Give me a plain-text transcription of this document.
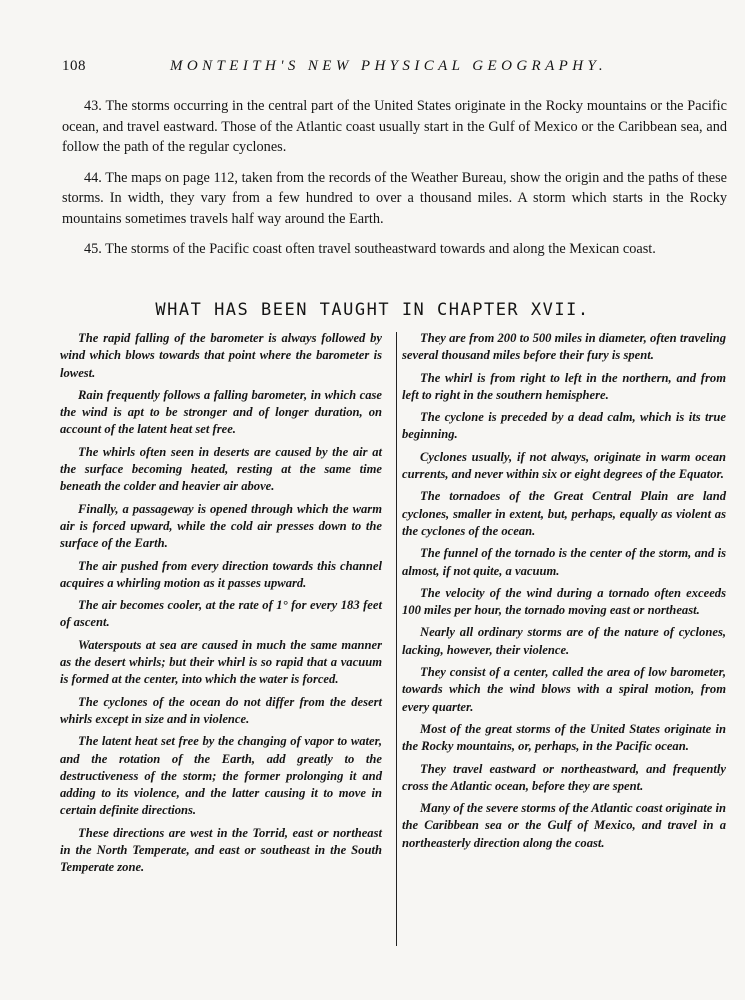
108	MONTEITH'S NEW PHYSICAL GEOGRAPHY.

43. The storms occurring in the central part of the United States originate in the Rocky mountains or the Pacific ocean, and travel eastward. Those of the Atlantic coast usually start in the Gulf of Mexico or the Caribbean sea, and follow the path of the regular cyclones.

44. The maps on page 112, taken from the records of the Weather Bureau, show the origin and the paths of these storms. In width, they vary from a few hundred to over a thousand miles. A storm which starts in the Rocky mountains sometimes travels half way around the Earth.

45. The storms of the Pacific coast often travel southeastward towards and along the Mexican coast.

WHAT HAS BEEN TAUGHT IN CHAPTER XVII.

The rapid falling of the barometer is always followed by wind which blows towards that point where the barometer is lowest.

Rain frequently follows a falling barometer, in which case the wind is apt to be stronger and of longer duration, on account of the latent heat set free.

The whirls often seen in deserts are caused by the air at the surface becoming heated, resting at the same time beneath the colder and heavier air above.

Finally, a passageway is opened through which the warm air is forced upward, while the cold air presses down to the surface of the Earth.

The air pushed from every direction towards this channel acquires a whirling motion as it passes upward.

The air becomes cooler, at the rate of 1° for every 183 feet of ascent.

Waterspouts at sea are caused in much the same manner as the desert whirls; but their whirl is so rapid that a vacuum is formed at the center, into which the water is forced.

The cyclones of the ocean do not differ from the desert whirls except in size and in violence.

The latent heat set free by the changing of vapor to water, and the rotation of the Earth, add greatly to the destructiveness of the storm; the former prolonging it and adding to its violence, and the latter causing it to move in certain definite directions.

These directions are west in the Torrid, east or northeast in the North Temperate, and east or southeast in the South Temperate zone.

They are from 200 to 500 miles in diameter, often traveling several thousand miles before their fury is spent.

The whirl is from right to left in the northern, and from left to right in the southern hemisphere.

The cyclone is preceded by a dead calm, which is its true beginning.

Cyclones usually, if not always, originate in warm ocean currents, and never within six or eight degrees of the Equator.

The tornadoes of the Great Central Plain are land cyclones, smaller in extent, but, perhaps, equally as violent as the cyclones of the ocean.

The funnel of the tornado is the center of the storm, and is almost, if not quite, a vacuum.

The velocity of the wind during a tornado often exceeds 100 miles per hour, the tornado moving east or northeast.

Nearly all ordinary storms are of the nature of cyclones, lacking, however, their violence.

They consist of a center, called the area of low barometer, towards which the wind blows with a spiral motion, from every quarter.

Most of the great storms of the United States originate in the Rocky mountains, or, perhaps, in the Pacific ocean.

They travel eastward or northeastward, and frequently cross the Atlantic ocean, before they are spent.

Many of the severe storms of the Atlantic coast originate in the Caribbean sea or the Gulf of Mexico, and travel in a northeasterly direction along the coast.
